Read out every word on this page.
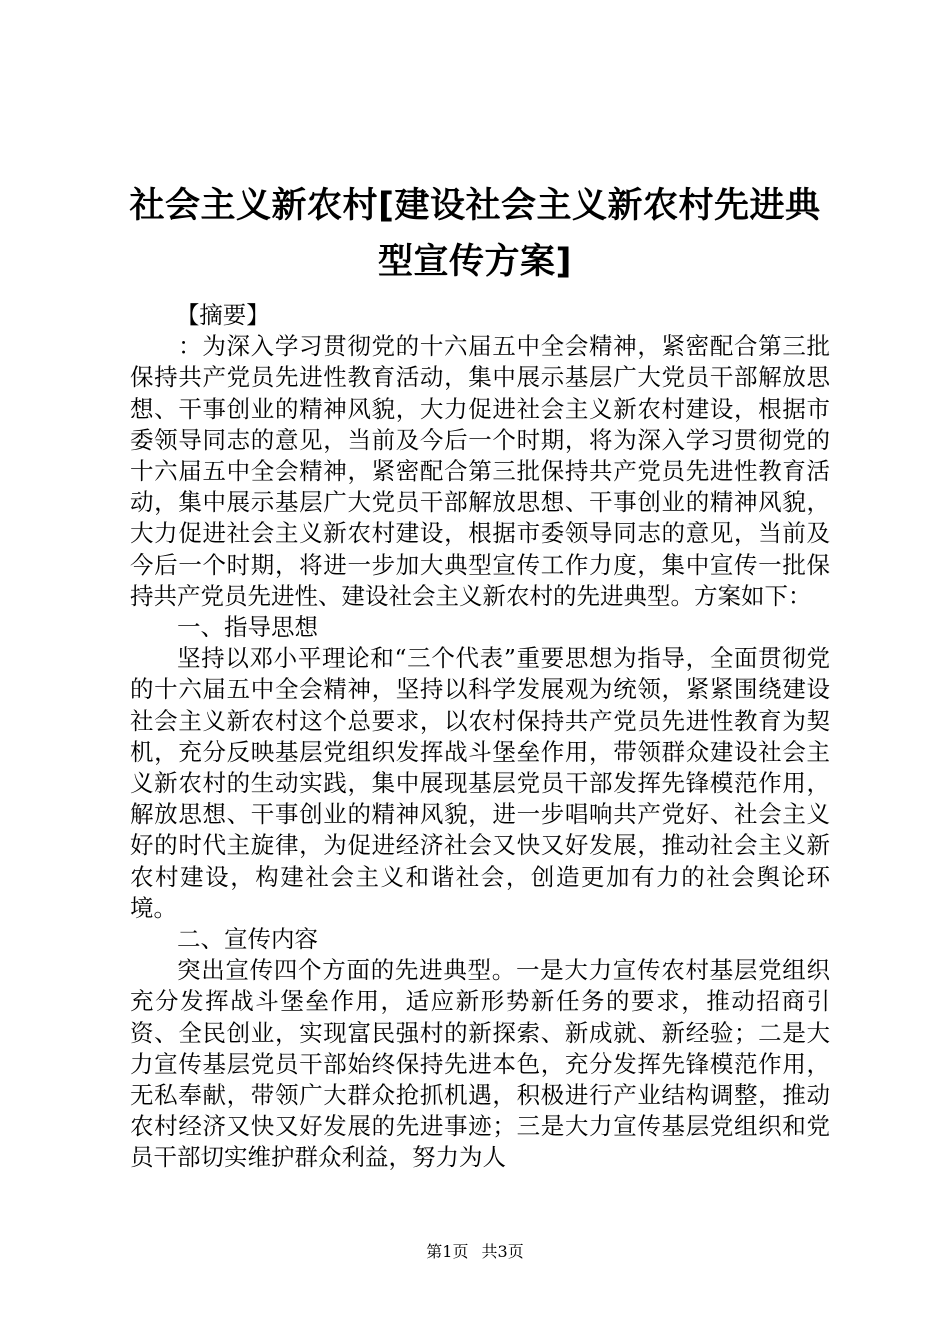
社会主义新农村[建设社会主义新农村先进典型宣传方案]

【摘要】

：为深入学习贯彻党的十六届五中全会精神，紧密配合第三批保持共产党员先进性教育活动，集中展示基层广大党员干部解放思想、干事创业的精神风貌，大力促进社会主义新农村建设，根据市委领导同志的意见，当前及今后一个时期，将为深入学习贯彻党的十六届五中全会精神，紧密配合第三批保持共产党员先进性教育活动，集中展示基层广大党员干部解放思想、干事创业的精神风貌，大力促进社会主义新农村建设，根据市委领导同志的意见，当前及今后一个时期，将进一步加大典型宣传工作力度，集中宣传一批保持共产党员先进性、建设社会主义新农村的先进典型。方案如下：

一、指导思想

坚持以邓小平理论和“三个代表”重要思想为指导，全面贯彻党的十六届五中全会精神，坚持以科学发展观为统领，紧紧围绕建设社会主义新农村这个总要求，以农村保持共产党员先进性教育为契机，充分反映基层党组织发挥战斗堡垒作用，带领群众建设社会主义新农村的生动实践，集中展现基层党员干部发挥先锋模范作用，解放思想、干事创业的精神风貌，进一步唱响共产党好、社会主义好的时代主旋律，为促进经济社会又快又好发展，推动社会主义新农村建设，构建社会主义和谐社会，创造更加有力的社会舆论环境。

二、宣传内容

突出宣传四个方面的先进典型。一是大力宣传农村基层党组织充分发挥战斗堡垒作用，适应新形势新任务的要求，推动招商引资、全民创业，实现富民强村的新探索、新成就、新经验；二是大力宣传基层党员干部始终保持先进本色，充分发挥先锋模范作用，无私奉献，带领广大群众抢抓机遇，积极进行产业结构调整，推动农村经济又快又好发展的先进事迹；三是大力宣传基层党组织和党员干部切实维护群众利益，努力为人

第1页 共3页
